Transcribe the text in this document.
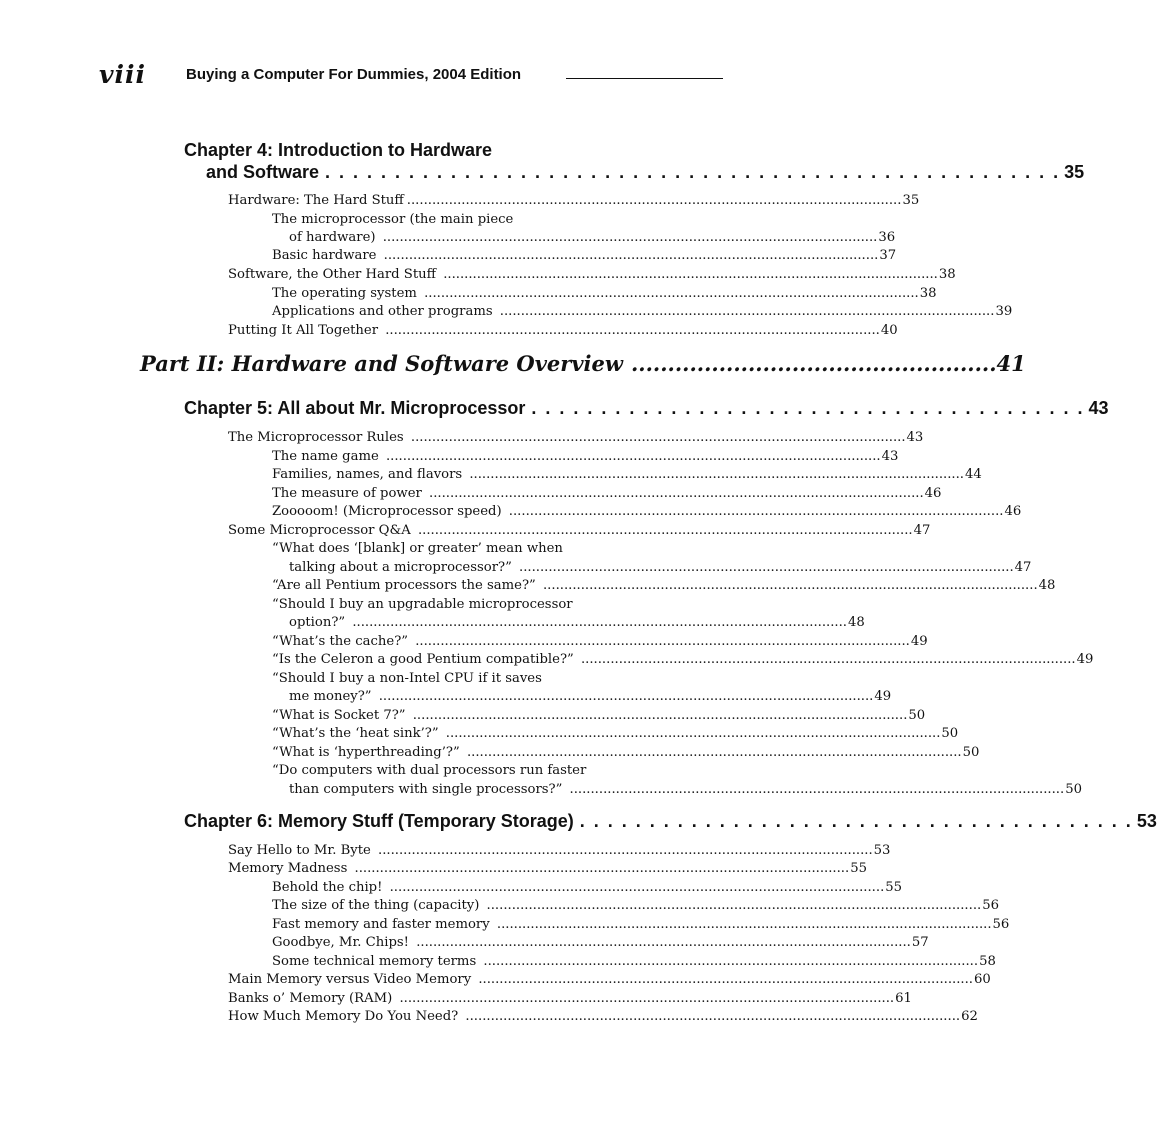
viii	Buying a Computer For Dummies, 2004 Edition
Chapter 4: Introduction to Hardware
and Software . . . . . . . . . . . . . . . . . . . . . . . . . . . . . . . . . . . . . . . . . . . . . . . . . . . . . 35
Hardware: The Hard Stuff ...................................................................................................................... 35
The microprocessor (the main piece
of hardware) ...................................................................................................................... 36
Basic hardware ...................................................................................................................... 37
Software, the Other Hard Stuff ...................................................................................................................... 38
The operating system ...................................................................................................................... 38
Applications and other programs ...................................................................................................................... 39
Putting It All Together ...................................................................................................................... 40
Part II: Hardware and Software Overview .................................................. 41
Chapter 5: All about Mr. Microprocessor . . . . . . . . . . . . . . . . . . . . . . . . . . . . . . . . . . . . . . . . 43
The Microprocessor Rules ...................................................................................................................... 43
The name game ...................................................................................................................... 43
Families, names, and flavors ...................................................................................................................... 44
The measure of power ...................................................................................................................... 46
Zooooom! (Microprocessor speed) ...................................................................................................................... 46
Some Microprocessor Q&A ...................................................................................................................... 47
“What does ‘[blank] or greater’ mean when
talking about a microprocessor?” ...................................................................................................................... 47
“Are all Pentium processors the same?” ...................................................................................................................... 48
“Should I buy an upgradable microprocessor
option?” ...................................................................................................................... 48
“What’s the cache?” ...................................................................................................................... 49
“Is the Celeron a good Pentium compatible?” ...................................................................................................................... 49
“Should I buy a non-Intel CPU if it saves
me money?” ...................................................................................................................... 49
“What is Socket 7?” ...................................................................................................................... 50
“What’s the ‘heat sink’?” ...................................................................................................................... 50
“What is ‘hyperthreading’?” ...................................................................................................................... 50
“Do computers with dual processors run faster
than computers with single processors?” ...................................................................................................................... 50
Chapter 6: Memory Stuff (Temporary Storage) . . . . . . . . . . . . . . . . . . . . . . . . . . . . . . . . . . . . . . . . 53
Say Hello to Mr. Byte ...................................................................................................................... 53
Memory Madness ...................................................................................................................... 55
Behold the chip! ...................................................................................................................... 55
The size of the thing (capacity) ...................................................................................................................... 56
Fast memory and faster memory ...................................................................................................................... 56
Goodbye, Mr. Chips! ...................................................................................................................... 57
Some technical memory terms ...................................................................................................................... 58
Main Memory versus Video Memory ...................................................................................................................... 60
Banks o’ Memory (RAM) ...................................................................................................................... 61
How Much Memory Do You Need? ...................................................................................................................... 62
